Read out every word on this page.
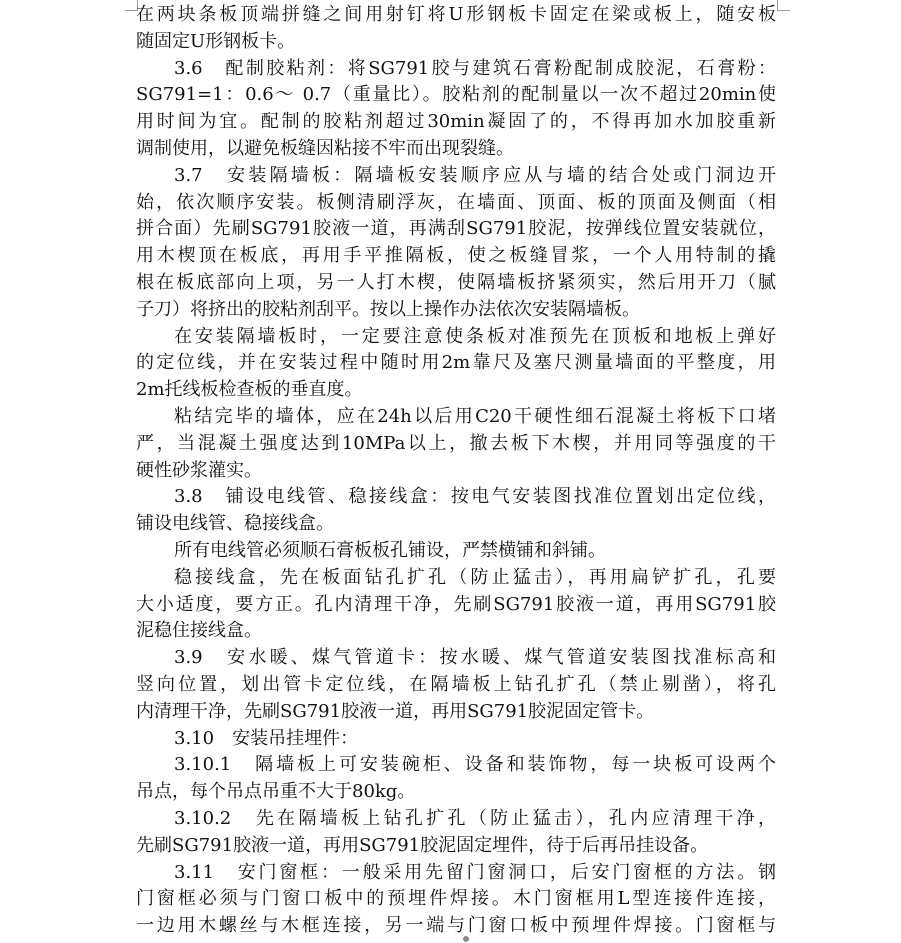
在两块条板顶端拼缝之间用射钉将U形钢板卡固定在梁或板上，随安板
随固定U形钢板卡。
3.6　配制胶粘剂：将SG791胶与建筑石膏粉配制成胶泥，石膏粉：
SG791=1：0.6～ 0.7（重量比）。胶粘剂的配制量以一次不超过20min使
用时间为宜。配制的胶粘剂超过30min凝固了的，不得再加水加胶重新
调制使用，以避免板缝因粘接不牢而出现裂缝。
3.7　安装隔墙板：隔墙板安装顺序应从与墙的结合处或门洞边开
始，依次顺序安装。板侧清刷浮灰，在墙面、顶面、板的顶面及侧面（相
拼合面）先刷SG791胶液一道，再满刮SG791胶泥，按弹线位置安装就位，
用木楔顶在板底，再用手平推隔板，使之板缝冒浆，一个人用特制的撬
根在板底部向上项，另一人打木楔，使隔墙板挤紧须实，然后用开刀（腻
子刀）将挤出的胶粘剂刮平。按以上操作办法依次安装隔墙板。
在安装隔墙板时，一定要注意使条板对准预先在顶板和地板上弹好
的定位线，并在安装过程中随时用2m靠尺及塞尺测量墙面的平整度，用
2m托线板检查板的垂直度。
粘结完毕的墙体，应在24h以后用C20干硬性细石混凝土将板下口堵
严，当混凝土强度达到10MPa以上，撤去板下木楔，并用同等强度的干
硬性砂浆灌实。
3.8　铺设电线管、稳接线盒：按电气安装图找准位置划出定位线，
铺设电线管、稳接线盒。
所有电线管必须顺石膏板板孔铺设，严禁横铺和斜铺。
稳接线盒，先在板面钻孔扩孔（防止猛击），再用扁铲扩孔，孔要
大小适度，要方正。孔内清理干净，先刷SG791胶液一道，再用SG791胶
泥稳住接线盒。
3.9　安水暖、煤气管道卡：按水暖、煤气管道安装图找准标高和
竖向位置，划出管卡定位线，在隔墙板上钻孔扩孔（禁止剔凿），将孔
内清理干净，先刷SG791胶液一道，再用SG791胶泥固定管卡。
3.10　安装吊挂埋件：
3.10.1　隔墙板上可安装碗柜、设备和装饰物，每一块板可设两个
吊点，每个吊点吊重不大于80kg。
3.10.2　先在隔墙板上钻孔扩孔（防止猛击），孔内应清理干净，
先刷SG791胶液一道，再用SG791胶泥固定埋件，待于后再吊挂设备。
3.11　安门窗框：一般采用先留门窗洞口，后安门窗框的方法。钢
门窗框必须与门窗口板中的预埋件焊接。木门窗框用L型连接件连接，
一边用木螺丝与木框连接，另一端与门窗口板中预埋件焊接。门窗框与
